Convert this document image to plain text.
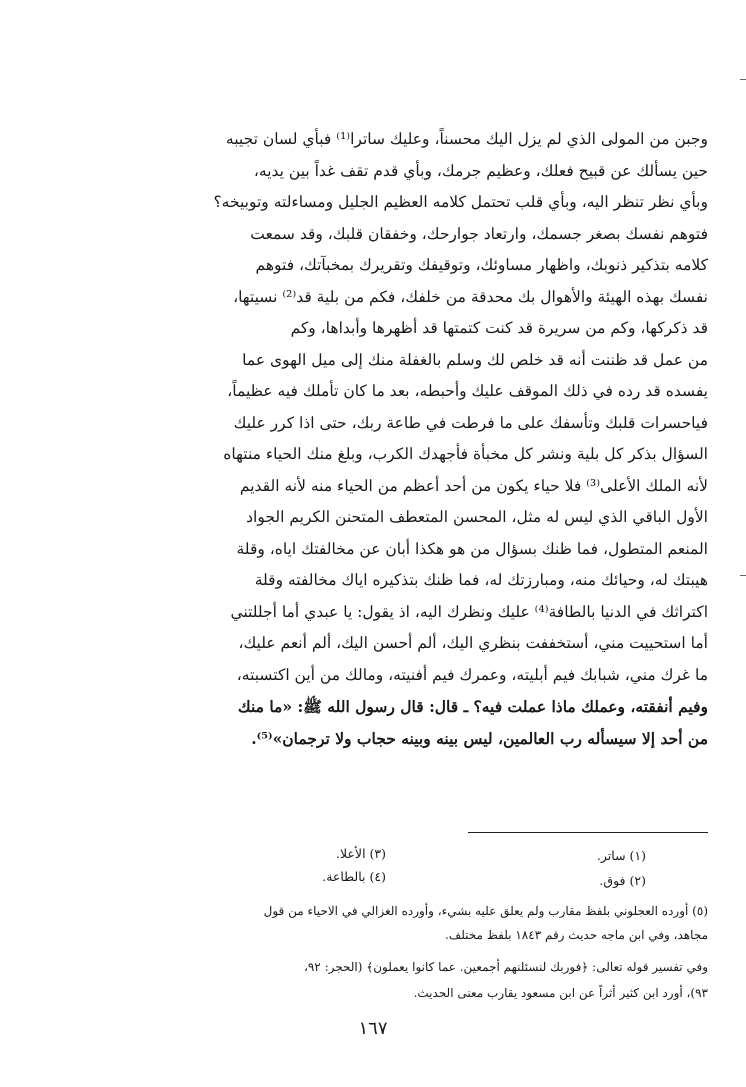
وجبن من المولى الذي لم يزل اليك محسناً، وعليك ساترا⁽¹⁾ فبأي لسان تجيبه
حين يسألك عن قبيح فعلك، وعظيم جرمك، وبأي قدم تقف غداً بين يديه،
وبأي نظر تنظر اليه، وبأي قلب تحتمل كلامه العظيم الجليل ومساءلته وتوبيخه؟
فتوهم نفسك بصغر جسمك، وارتعاد جوارحك، وخفقان قلبك، وقد سمعت
كلامه بتذكير ذنوبك، واظهار مساوئك، وتوقيفك وتقريرك بمخبآتك، فتوهم
نفسك بهذه الهيئة والأهوال بك محدقة من خلفك، فكم من بلية قد⁽²⁾ نسيتها،
قد ذكركها، وكم من سريرة قد كنت كتمتها قد أظهرها وأبداها، وكم
من عمل قد ظننت أنه قد خلص لك وسلم بالغفلة منك إلى ميل الهوى عما
يفسده قد رده في ذلك الموقف عليك وأحبطه، بعد ما كان تأملك فيه عظيماً،
فياحسرات قلبك وتأسفك على ما فرطت في طاعة ربك، حتى اذا كرر عليك
السؤال بذكر كل بلية ونشر كل مخبأة فأجهدك الكرب، وبلغ منك الحياء منتهاه
لأنه الملك الأعلى⁽³⁾ فلا حياء يكون من أحد أعظم من الحياء منه لأنه القديم
الأول الباقي الذي ليس له مثل، المحسن المتعطف المتحنن الكريم الجواد
المنعم المتطول، فما ظنك بسؤال من هو هكذا أبان عن مخالفتك اياه، وقلة
هيبتك له، وحيائك منه، ومبارزتك له، فما ظنك بتذكيره اياك مخالفته وقلة
اكتراثك في الدنيا بالطافة⁽⁴⁾ عليك ونظرك اليه، اذ يقول: يا عبدي أما أجللتني
أما استحييت مني، أستخففت بنظري اليك، ألم أحسن اليك، ألم أنعم عليك،
ما غرك مني، شبابك فيم أبليته، وعمرك فيم أفنيته، ومالك من أين اكتسبته،
وفيم أنفقته، وعملك ماذا عملت فيه؟ ـ قال: قال رسول الله ﷺ: «ما منك
من أحد إلا سيسأله رب العالمين، ليس بينه وبينه حجاب ولا ترجمان»⁽⁵⁾.
(١) ساتر.
(٢) فوق.
(٣) الأعلا.
(٤) بالطاعة.
(٥) أورده العجلوني بلفظ مقارب ولم يعلق عليه بشيء، وأورده الغزالي في الاحياء من قول
مجاهد، وفي ابن ماجه حديث رقم ١٨٤٣ بلفظ مختلف.
وفي تفسير قوله تعالى: ﴿فوربك لنسئلنهم أجمعين. عما كانوا يعملون﴾ (الحجر: ٩٢،
٩٣)، أورد ابن كثير أثراً عن ابن مسعود يقارب معنى الحديث.
١٦٧
